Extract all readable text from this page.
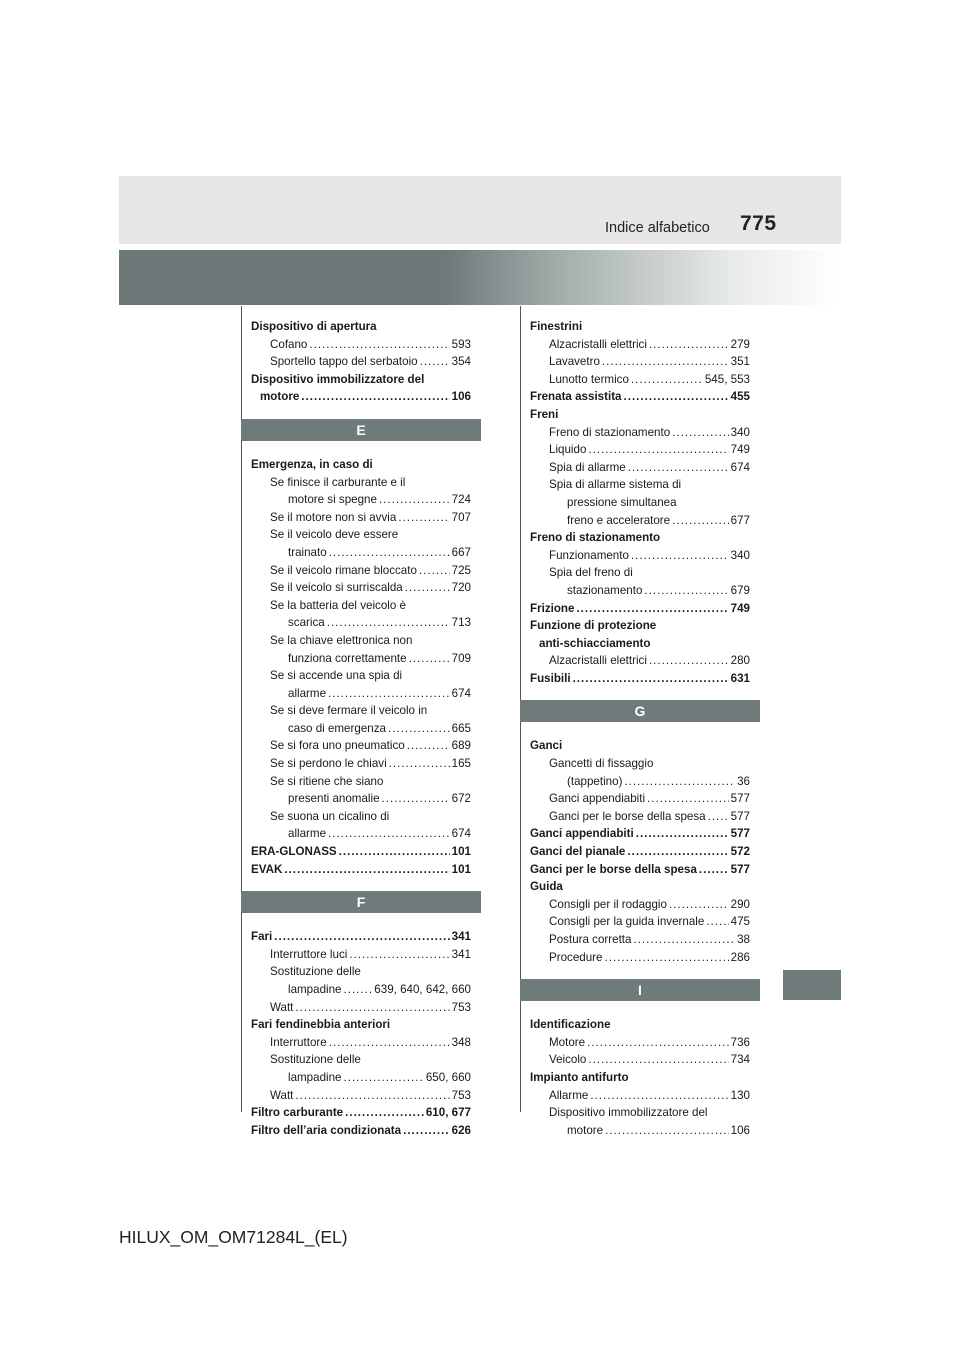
Indice alfabetico 775
Dispositivo di apertura
Cofano .....	593
Sportello tappo del serbatoio .....	354
Dispositivo immobilizzatore del
motore .....	106
E
Emergenza, in caso di
Se finisce il carburante e il
motore si spegne .....	724
Se il motore non si avvia .....	707
Se il veicolo deve essere
trainato .....	667
Se il veicolo rimane bloccato .....	725
Se il veicolo si surriscalda .....	720
Se la batteria del veicolo è
scarica .....	713
Se la chiave elettronica non
funziona correttamente .....	709
Se si accende una spia di
allarme .....	674
Se si deve fermare il veicolo in
caso di emergenza .....	665
Se si fora uno pneumatico .....	689
Se si perdono le chiavi .....	165
Se si ritiene che siano
presenti anomalie .....	672
Se suona un cicalino di
allarme .....	674
ERA-GLONASS .....	101
EVAK .....	101
F
Fari .....	341
Interruttore luci .....	341
Sostituzione delle
lampadine .....	639, 640, 642, 660
Watt .....	753
Fari fendinebbia anteriori
Interruttore .....	348
Sostituzione delle
lampadine .....	650, 660
Watt .....	753
Filtro carburante .....	610, 677
Filtro dell’aria condizionata .....	626
Finestrini
Alzacristalli elettrici .....	279
Lavavetro .....	351
Lunotto termico .....	545, 553
Frenata assistita .....	455
Freni
Freno di stazionamento .....	340
Liquido .....	749
Spia di allarme .....	674
Spia di allarme sistema di
pressione simultanea
freno e acceleratore .....	677
Freno di stazionamento
Funzionamento .....	340
Spia del freno di
stazionamento .....	679
Frizione .....	749
Funzione di protezione
anti-schiacciamento
Alzacristalli elettrici .....	280
Fusibili .....	631
G
Ganci
Gancetti di fissaggio
(tappetino) .....	36
Ganci appendiabiti .....	577
Ganci per le borse della spesa ..... 577
Ganci appendiabiti .....	577
Ganci del pianale .....	572
Ganci per le borse della spesa .....	577
Guida
Consigli per il rodaggio .....	290
Consigli per la guida invernale ..... 475
Postura corretta .....	38
Procedure .....	286
I
Identificazione
Motore .....	736
Veicolo .....	734
Impianto antifurto
Allarme .....	130
Dispositivo immobilizzatore del
motore .....	106
HILUX_OM_OM71284L_(EL)
